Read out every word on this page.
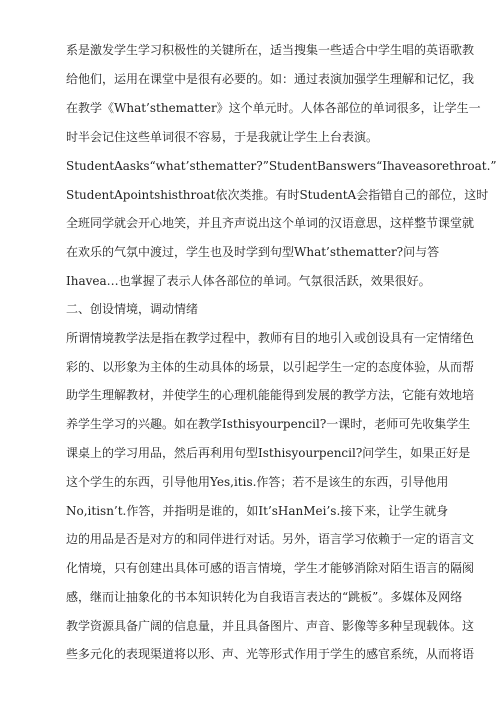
系是激发学生学习积极性的关键所在，适当搜集一些适合中学生唱的英语歌教
给他们，运用在课堂中是很有必要的。如：通过表演加强学生理解和记忆，我
在教学《What’sthematter》这个单元时。人体各部位的单词很多，让学生一
时半会记住这些单词很不容易，于是我就让学生上台表演。
StudentAasks“what’sthematter?”StudentBanswers“Ihaveasorethroat.”
StudentApointshisthroat依次类推。有时StudentA会指错自己的部位，这时
全班同学就会开心地笑，并且齐声说出这个单词的汉语意思，这样整节课堂就
在欢乐的气氛中渡过，学生也及时学到句型What’sthematter?问与答
Ihavea…也掌握了表示人体各部位的单词。气氛很活跃，效果很好。
二、创设情境，调动情绪
所谓情境教学法是指在教学过程中，教师有目的地引入或创设具有一定情绪色
彩的、以形象为主体的生动具体的场景，以引起学生一定的态度体验，从而帮
助学生理解教材，并使学生的心理机能能得到发展的教学方法，它能有效地培
养学生学习的兴趣。如在教学Isthisyourpencil?一课时，老师可先收集学生
课桌上的学习用品，然后再利用句型Isthisyourpencil?问学生，如果正好是
这个学生的东西，引导他用Yes,itis.作答；若不是该生的东西，引导他用
No,itisn’t.作答，并指明是谁的，如It’sHanMei’s.接下来，让学生就身
边的用品是否是对方的和同伴进行对话。另外，语言学习依赖于一定的语言文
化情境，只有创建出具体可感的语言情境，学生才能够消除对陌生语言的隔阂
感，继而让抽象化的书本知识转化为自我语言表达的“跳板”。多媒体及网络
教学资源具备广阔的信息量，并且具备图片、声音、影像等多种呈现载体。这
些多元化的表现渠道将以形、声、光等形式作用于学生的感官系统，从而将语
